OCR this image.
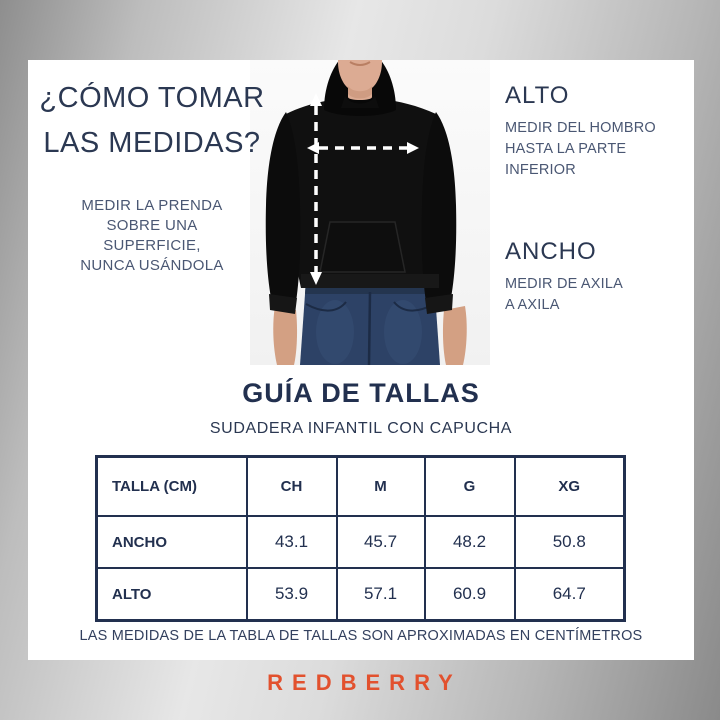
¿CÓMO TOMAR
LAS MEDIDAS?
MEDIR LA PRENDA
SOBRE UNA
SUPERFICIE,
NUNCA USÁNDOLA
ALTO
MEDIR DEL HOMBRO
HASTA LA PARTE
INFERIOR
ANCHO
MEDIR DE AXILA
A AXILA
GUÍA DE TALLAS
SUDADERA INFANTIL CON CAPUCHA
TALLA (CM)	CH	M	G	XG
ANCHO	43.1	45.7	48.2	50.8
ALTO	53.9	57.1	60.9	64.7
LAS MEDIDAS DE LA TABLA DE TALLAS SON APROXIMADAS EN CENTÍMETROS
REDBERRY
